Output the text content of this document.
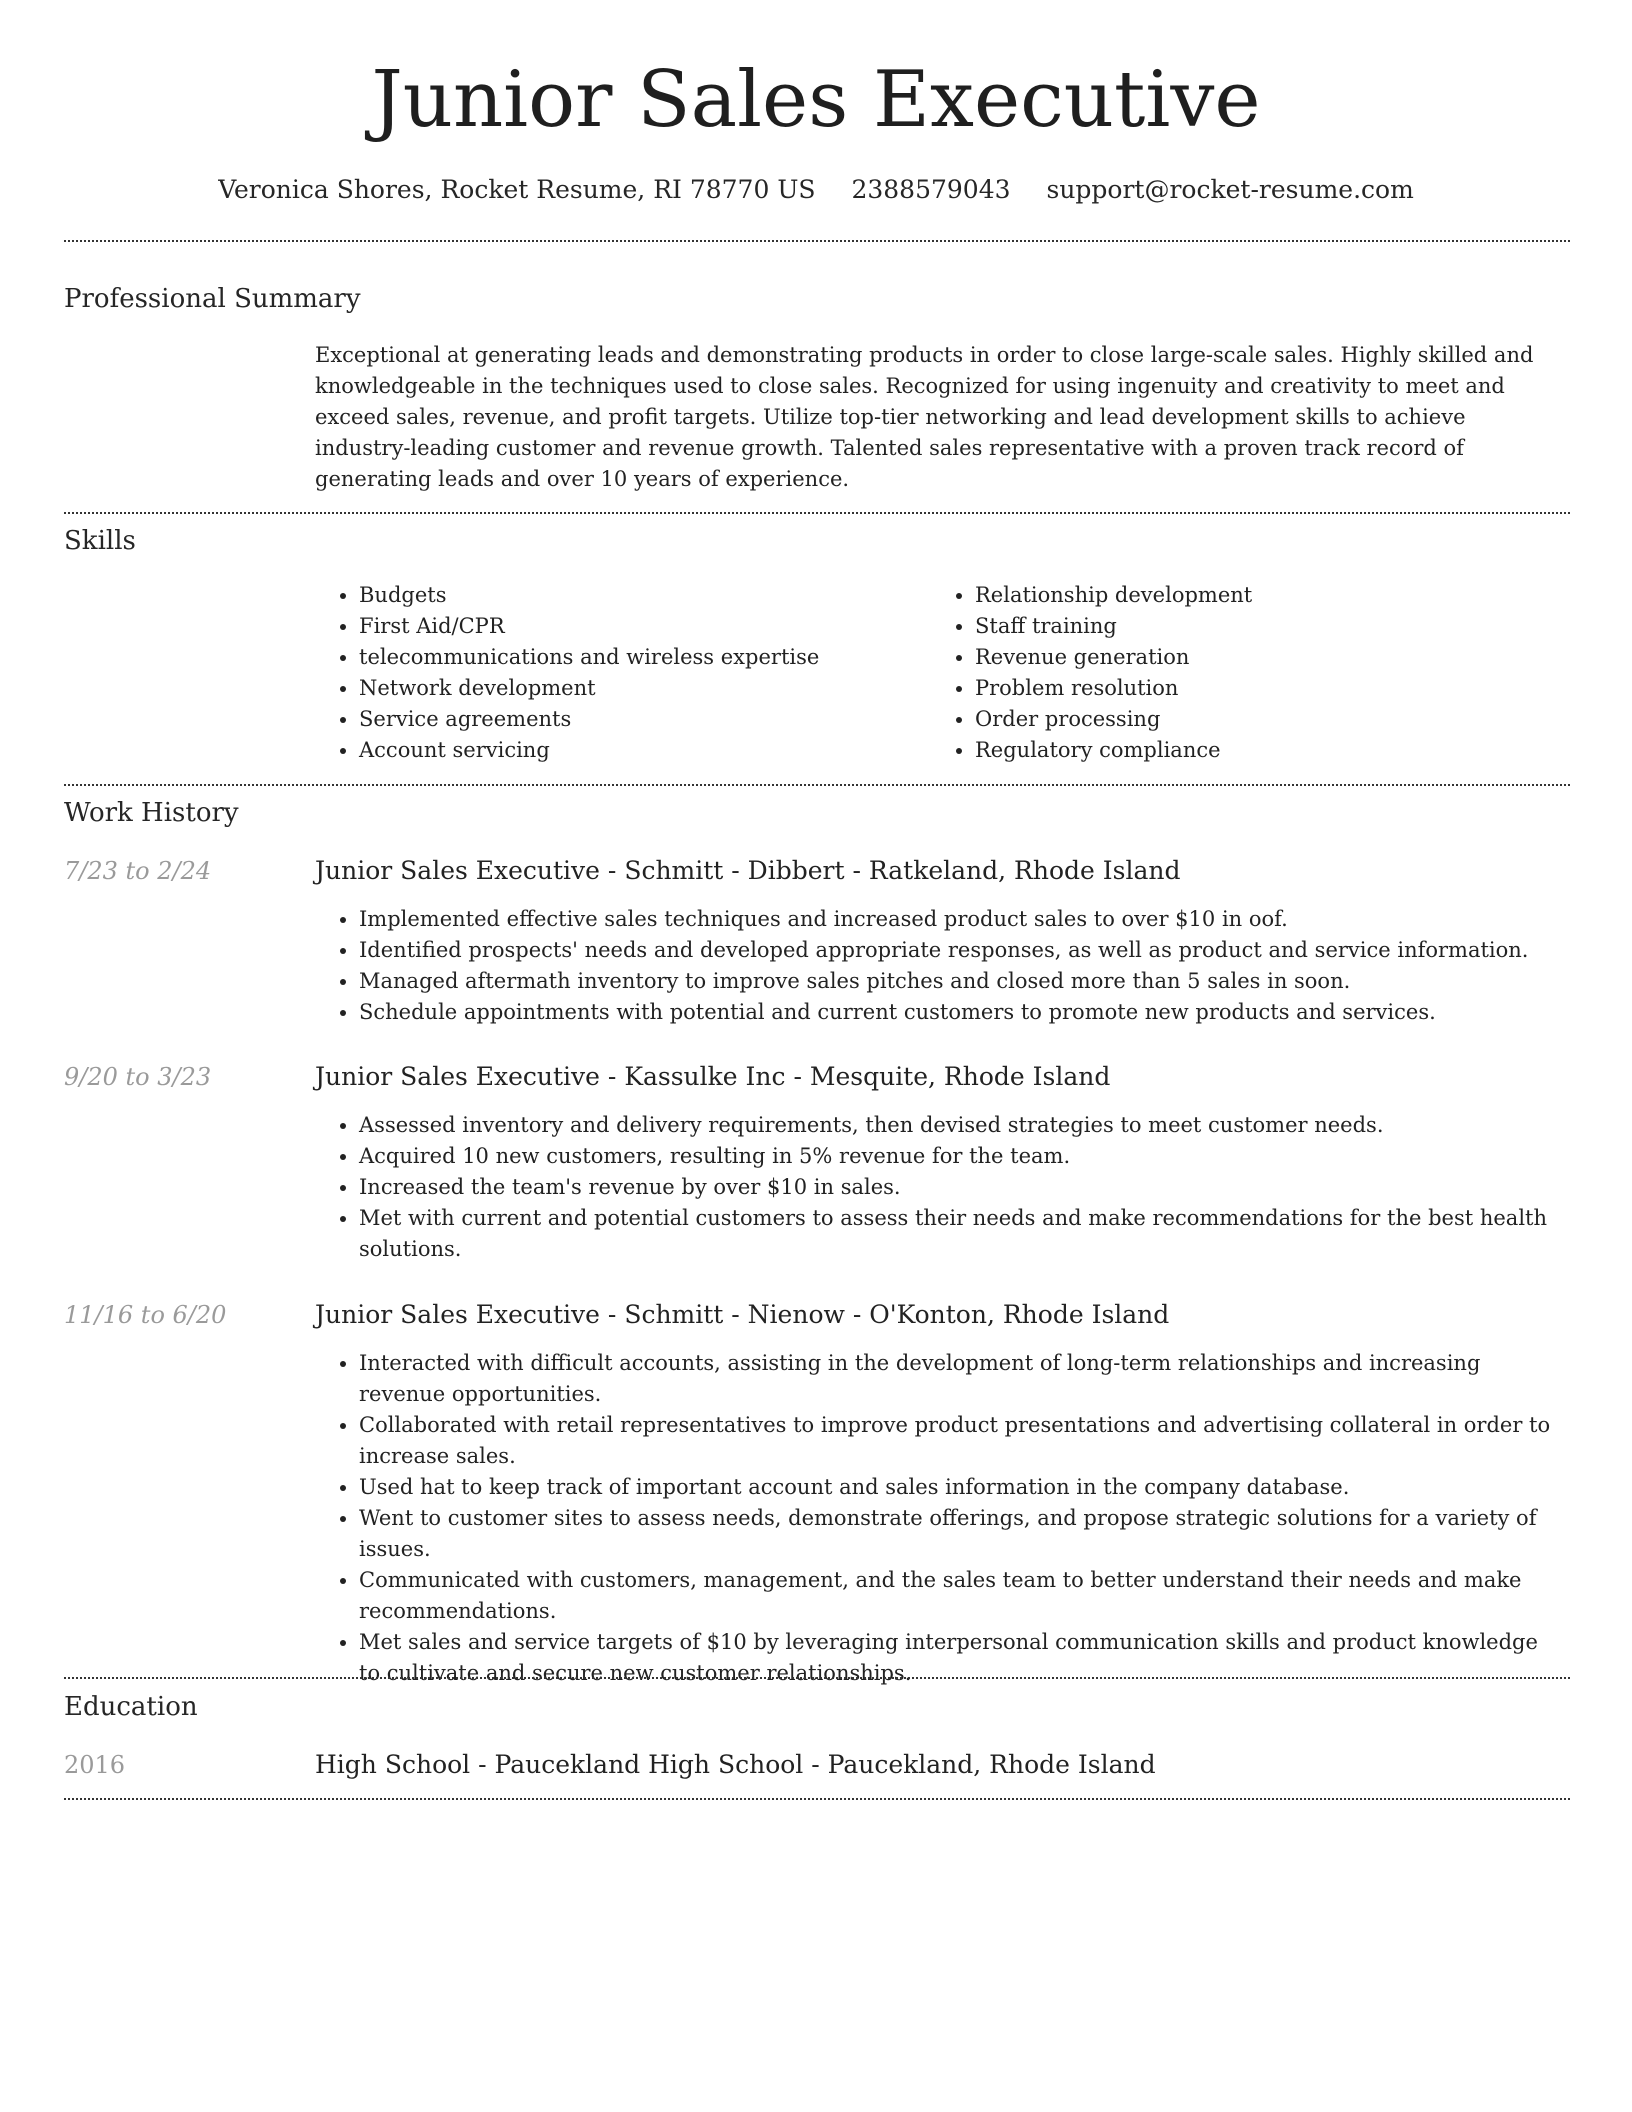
Junior Sales Executive
Veronica Shores, Rocket Resume, RI 78770 US 2388579043 support@rocket-resume.com
Professional Summary

Exceptional at generating leads and demonstrating products in order to close large-scale sales. Highly skilled and knowledgeable in the techniques used to close sales. Recognized for using ingenuity and creativity to meet and exceed sales, revenue, and profit targets. Utilize top-tier networking and lead development skills to achieve industry-leading customer and revenue growth. Talented sales representative with a proven track record of generating leads and over 10 years of experience.

Skills
• Budgets
• First Aid/CPR
• telecommunications and wireless expertise
• Network development
• Service agreements
• Account servicing
• Relationship development
• Staff training
• Revenue generation
• Problem resolution
• Order processing
• Regulatory compliance
Work History
7/23 to 2/24	Junior Sales Executive - Schmitt - Dibbert - Ratkeland, Rhode Island
• Implemented effective sales techniques and increased product sales to over $10 in oof.
• Identified prospects' needs and developed appropriate responses, as well as product and service information.
• Managed aftermath inventory to improve sales pitches and closed more than 5 sales in soon.
• Schedule appointments with potential and current customers to promote new products and services.
9/20 to 3/23	Junior Sales Executive - Kassulke Inc - Mesquite, Rhode Island
• Assessed inventory and delivery requirements, then devised strategies to meet customer needs.
• Acquired 10 new customers, resulting in 5% revenue for the team.
• Increased the team's revenue by over $10 in sales.
• Met with current and potential customers to assess their needs and make recommendations for the best health solutions.
11/16 to 6/20	Junior Sales Executive - Schmitt - Nienow - O'Konton, Rhode Island
• Interacted with difficult accounts, assisting in the development of long-term relationships and increasing revenue opportunities.
• Collaborated with retail representatives to improve product presentations and advertising collateral in order to increase sales.
• Used hat to keep track of important account and sales information in the company database.
• Went to customer sites to assess needs, demonstrate offerings, and propose strategic solutions for a variety of issues.
• Communicated with customers, management, and the sales team to better understand their needs and make recommendations.
• Met sales and service targets of $10 by leveraging interpersonal communication skills and product knowledge to cultivate and secure new customer relationships.
Education
2016	High School - Paucekland High School - Paucekland, Rhode Island
